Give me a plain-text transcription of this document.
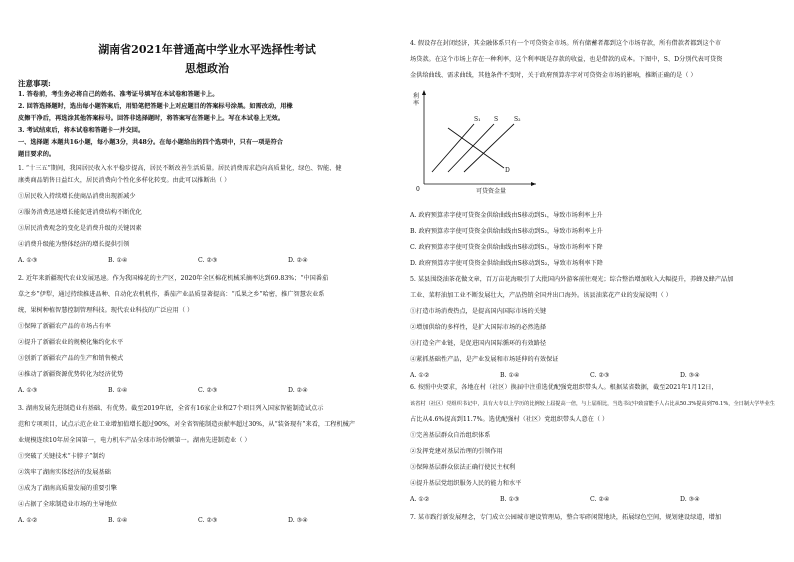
湖南省2021年普通高中学业水平选择性考试
思想政治
注意事项:
1. 答卷前，考生务必将自己的姓名、准考证号填写在本试卷和答题卡上。
2. 回答选择题时，选出每小题答案后，用铅笔把答题卡上对应题目的答案标号涂黑。如需改动，用橡
皮擦干净后，再选涂其他答案标号。回答非选择题时，将答案写在答题卡上。写在本试卷上无效。
3. 考试结束后，将本试卷和答题卡一并交回。
一、选择题 本题共16小题，每小题3分，共48分。在每小题给出的四个选项中，只有一项是符合
题目要求的。
1. “十三五”期间，我国居民收入水平稳步提高，居民不断改善生活质量。居民消费需求趋向高质量化，绿色、智能、健
康类商品销售日益红火，居民消费向个性化多样化转变。由此可以推断出（ ）
①居民收入持续增长使商品消费出现新减少
②服务消费迅速增长能促进消费结构不断优化
③居民消费观念的变化是消费升级的关键因素
④消费升级能为整体经济的增长提供引领
A. ①③	B. ①④	C. ②③	D. ②④
2. 近年来新疆现代农业发展迅速。作为我国棉花的主产区，2020年全区棉花机械采摘率达到69.83%；“中国番茄
草之乡”伊犁，通过持续推进品种、自动化农机机作，番茄产业品质显著提高：“瓜果之乡”哈密，推广智慧农业系
统，果树种植智慧控制管理科技。现代农业科技的广泛应用（ ）
①保障了新疆农产品的市场占有率
②提升了新疆农业的规模化集约化水平
③创新了新疆农产品的生产和销售模式
④推动了新疆资源优势转化为经济优势
A. ①③	B. ①④	C. ②③	D. ②④
3. 湖南发展先进制造业有基础、有优势。截至2019年底，全省有16家企业和27个项目列入国家智能制造试点示
范和专项项目，试点示范企业工业增加值增长超过90%，对全省智能制造贡献率超过30%，从“装备现有”来看，工程机械产
业规模连续10年居全国第一，电力机车产品全球市场份额第一。湖南先进制造业（ ）
①突破了关键技术“卡脖子”制约
②筑牢了湖南实体经济的发展基础
③成为了湖南高质量发展的重要引擎
④占据了全球制造业市场的主导地位
A. ①②	B. ①④	C. ②③	D. ③④
4. 假设存在封闭经济，其金融体系只有一个可贷资金市场。所有储蓄者都到这个市场存款，所有借款者都到这个市
场贷款。在这个市场上存在一种利率，这个利率既是存款的收益，也是借款的成本。下图中，S、D分别代表可贷资
金供给曲线、需求曲线，其他条件不变时，关于政府预算赤字对可贷资金市场的影响，推断正确的是（ ）
利率
0	可贷资金量
S₁ S	S₂
D
A. 政府预算赤字使可贷资金供给曲线由S移动到S₁，导致市场利率上升
B. 政府预算赤字使可贷资金供给曲线由S移动到S₂，导致市场利率上升
C. 政府预算赤字使可贷资金供给曲线由S移动到S₁，导致市场利率下降
D. 政府预算赤字使可贷资金供给曲线由S移动到S₂，导致市场利率下降
5. 某县围绕油茶花做文章，百万亩花海吸引了大批国内外游客前往观光；综合整治增加收入大幅提升，养蜂及蜂产品加
工业、菜籽油加工业不断发展壮大，产品热销全国并出口海外。该县油菜花产业的发展说明（ ）
①打造市场消费热点，是提高国内国际市场的关键
②增加供给的多样性，是扩大国际市场的必然选择
③打造全产业链，是促进国内国际循环的有效路径
④紧抓基础性产品，是产业发展和市场延伸的有效保证
A. ①②	B. ①④	C. ②③	D. ③④
6. 按照中央要求，各地在村（社区）换届中注重选优配强党组织带头人。根据某省数据，截至2021年1月12日，
该省村（社区）党组织书记中，具有大专以上学历的比例较上届提高一倍，与上届相比，当选书记中致富能手人占比从50.3%提高到76.1%，全日制大学毕业生
占比从4.6%提高到11.7%。选优配强村（社区）党组织带头人意在（ ）
①完善基层群众自治组织体系
②发挥党建对基层治理的引领作用
③保障基层群众依法正确行使民主权利
④提升基层党组织服务人民的能力和水平
A. ①②	B. ①③	C. ②④	D. ③④
7. 某市践行新发展理念，专门成立公园城市建设管理局，整合零碎闲置地块，拓展绿色空间，规划建设绿道，增加
